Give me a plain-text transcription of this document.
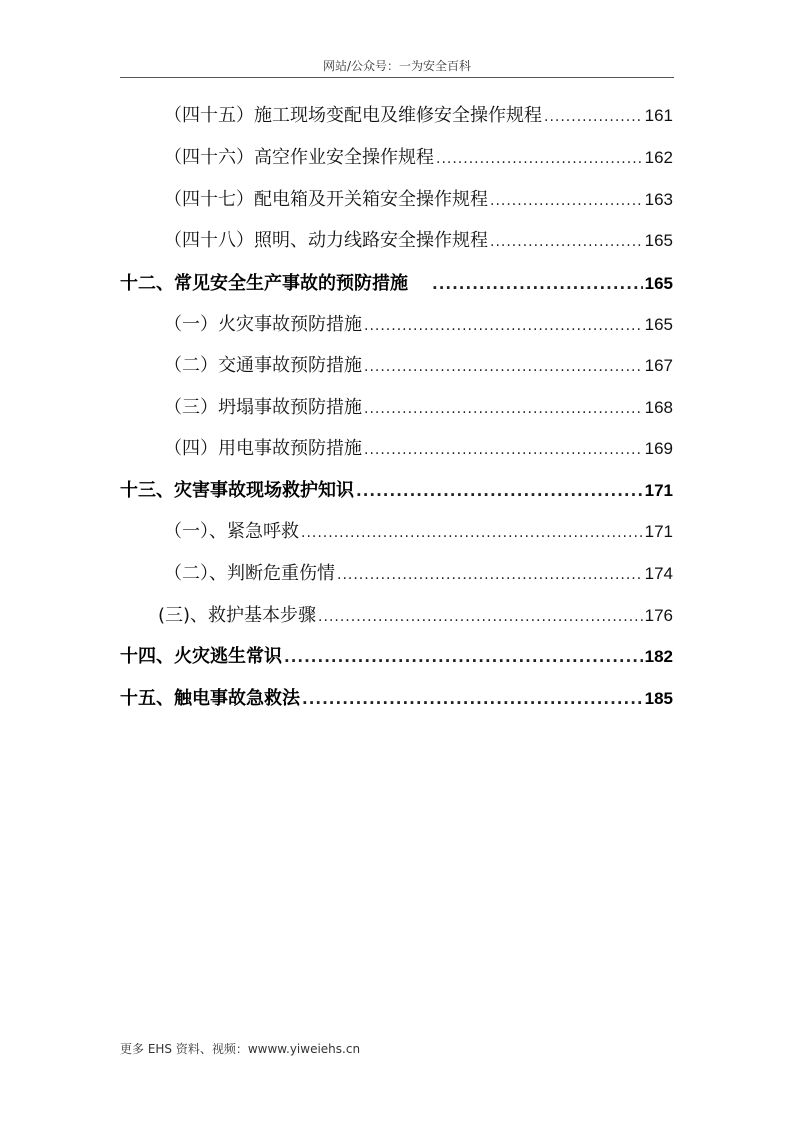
网站/公众号：一为安全百科
（四十五）施工现场变配电及维修安全操作规程 .....	161
（四十六）高空作业安全操作规程 .....	162
（四十七）配电箱及开关箱安全操作规程 .....	163
（四十八）照明、动力线路安全操作规程 .....	165
十二、常见安全生产事故的预防措施 .....	165
（一）火灾事故预防措施 .....	165
（二）交通事故预防措施 .....	167
（三）坍塌事故预防措施 .....	168
（四）用电事故预防措施 .....	169
十三、灾害事故现场救护知识 .....	171
（一）、紧急呼救 .....	171
（二）、判断危重伤情 .....	174
(三)、救护基本步骤 .....	176
十四、火灾逃生常识 .....	182
十五、触电事故急救法 .....	185
更多 EHS 资料、视频：wwww.yiweiehs.cn
